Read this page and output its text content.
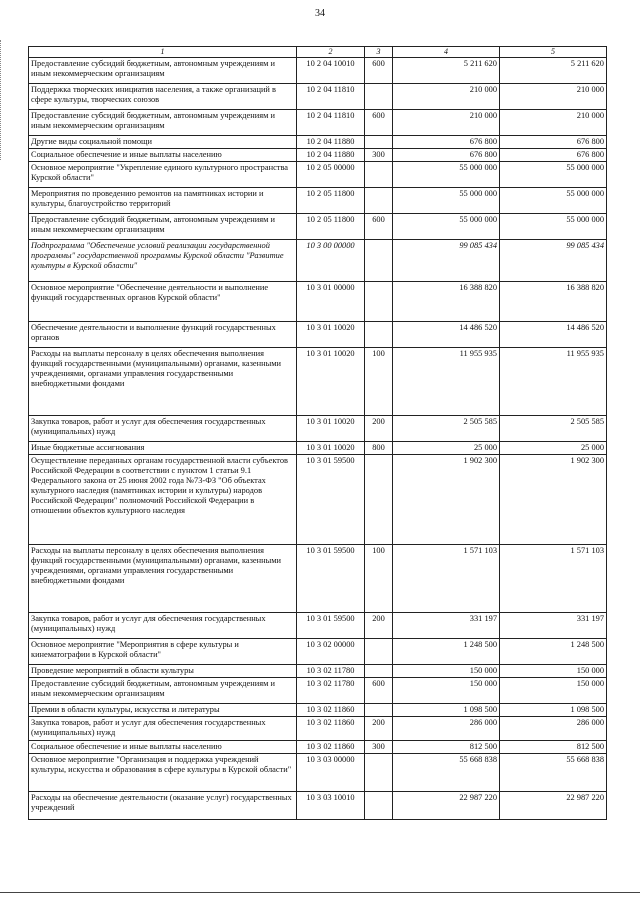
34
1	2	3	4	5
Предоставление субсидий бюджетным, автономным учреждениям и иным некоммерческим организациям	10 2 04 10010	600	5 211 620	5 211 620
Поддержка творческих инициатив населения, а также организаций в сфере культуры, творческих союзов	10 2 04 11810		210 000	210 000
Предоставление субсидий бюджетным, автономным учреждениям и иным некоммерческим организациям	10 2 04 11810	600	210 000	210 000
Другие виды социальной помощи	10 2 04 11880		676 800	676 800
Социальное обеспечение и иные выплаты населению	10 2 04 11880	300	676 800	676 800
Основное мероприятие "Укрепление единого культурного пространства Курской области"	10 2 05 00000		55 000 000	55 000 000
Мероприятия по проведению ремонтов на памятниках истории и культуры, благоустройство территорий	10 2 05 11800		55 000 000	55 000 000
Предоставление субсидий бюджетным, автономным учреждениям и иным некоммерческим организациям	10 2 05 11800	600	55 000 000	55 000 000
Подпрограмма "Обеспечение условий реализации государственной программы" государственной программы Курской области "Развитие культуры в Курской области"	10 3 00 00000		99 085 434	99 085 434
Основное мероприятие "Обеспечение деятельности и выполнение функций государственных органов Курской области"	10 3 01 00000		16 388 820	16 388 820
Обеспечение деятельности и выполнение функций государственных органов	10 3 01 10020		14 486 520	14 486 520
Расходы на выплаты персоналу в целях обеспечения выполнения функций государственными (муниципальными) органами, казенными учреждениями, органами управления государственными внебюджетными фондами	10 3 01 10020	100	11 955 935	11 955 935
Закупка товаров, работ и услуг для обеспечения государственных (муниципальных) нужд	10 3 01 10020	200	2 505 585	2 505 585
Иные бюджетные ассигнования	10 3 01 10020	800	25 000	25 000
Осуществление переданных органам государственной власти субъектов Российской Федерации в соответствии с пунктом 1 статьи 9.1 Федерального закона от 25 июня 2002 года №73-ФЗ "Об объектах культурного наследия (памятниках истории и культуры) народов Российской Федерации" полномочий Российской Федерации в отношении объектов культурного наследия	10 3 01 59500		1 902 300	1 902 300
Расходы на выплаты персоналу в целях обеспечения выполнения функций государственными (муниципальными) органами, казенными учреждениями, органами управления государственными внебюджетными фондами	10 3 01 59500	100	1 571 103	1 571 103
Закупка товаров, работ и услуг для обеспечения государственных (муниципальных) нужд	10 3 01 59500	200	331 197	331 197
Основное мероприятие "Мероприятия в сфере культуры и кинематографии в Курской области"	10 3 02 00000		1 248 500	1 248 500
Проведение мероприятий в области культуры	10 3 02 11780		150 000	150 000
Предоставление субсидий бюджетным, автономным учреждениям и иным некоммерческим организациям	10 3 02 11780	600	150 000	150 000
Премии в области культуры, искусства и литературы	10 3 02 11860		1 098 500	1 098 500
Закупка товаров, работ и услуг для обеспечения государственных (муниципальных) нужд	10 3 02 11860	200	286 000	286 000
Социальное обеспечение и иные выплаты населению	10 3 02 11860	300	812 500	812 500
Основное мероприятие "Организация и поддержка учреждений культуры, искусства и образования в сфере культуры в Курской области"	10 3 03 00000		55 668 838	55 668 838
Расходы на обеспечение деятельности (оказание услуг) государственных учреждений	10 3 03 10010		22 987 220	22 987 220
